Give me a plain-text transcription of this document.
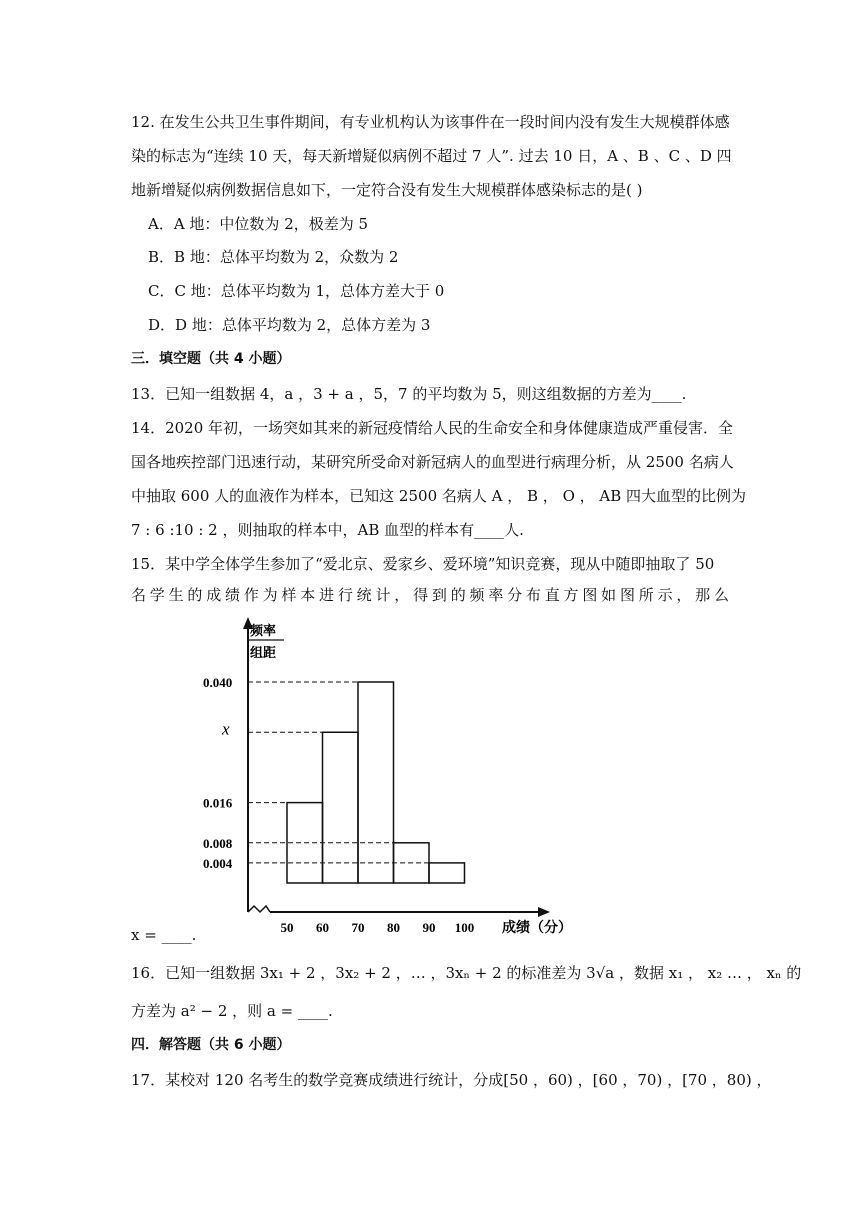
12. 在发生公共卫生事件期间，有专业机构认为该事件在一段时间内没有发生大规模群体感
染的标志为“连续 10 天，每天新增疑似病例不超过 7 人”. 过去 10 日，A 、B 、C 、D 四
地新增疑似病例数据信息如下，一定符合没有发生大规模群体感染标志的是( )
A．A 地：中位数为 2，极差为 5
B．B 地：总体平均数为 2，众数为 2
C．C 地：总体平均数为 1，总体方差大于 0
D．D 地：总体平均数为 2，总体方差为 3
三．填空题（共 4 小题）
13．已知一组数据 4，a ，3 + a ，5，7 的平均数为 5，则这组数据的方差为____.
14．2020 年初，一场突如其来的新冠疫情给人民的生命安全和身体健康造成严重侵害．全
国各地疾控部门迅速行动，某研究所受命对新冠病人的血型进行病理分析，从 2500 名病人
中抽取 600 人的血液作为样本，已知这 2500 名病人 A ， B ， O ， AB 四大血型的比例为
7 : 6 :10 : 2 ，则抽取的样本中，AB 血型的样本有____人.
15．某中学全体学生参加了“爱北京、爱家乡、爱环境”知识竞赛，现从中随即抽取了 50
名学生的成绩作为样本进行统计，得到的频率分布直方图如图所示，那么
频率
组距
成绩（分）
0.040
x
0.016
0.008
0.004
50 60 70 80 90 100
x = ____.
16．已知一组数据 3x₁ + 2 ，3x₂ + 2 ，… ，3xₙ + 2 的标准差为 3√a ，数据 x₁ ， x₂ … ， xₙ 的
方差为 a² − 2 ，则 a = ____.
四．解答题（共 6 小题）
17．某校对 120 名考生的数学竞赛成绩进行统计，分成[50 ，60) ，[60 ，70) ，[70 ，80) ，
